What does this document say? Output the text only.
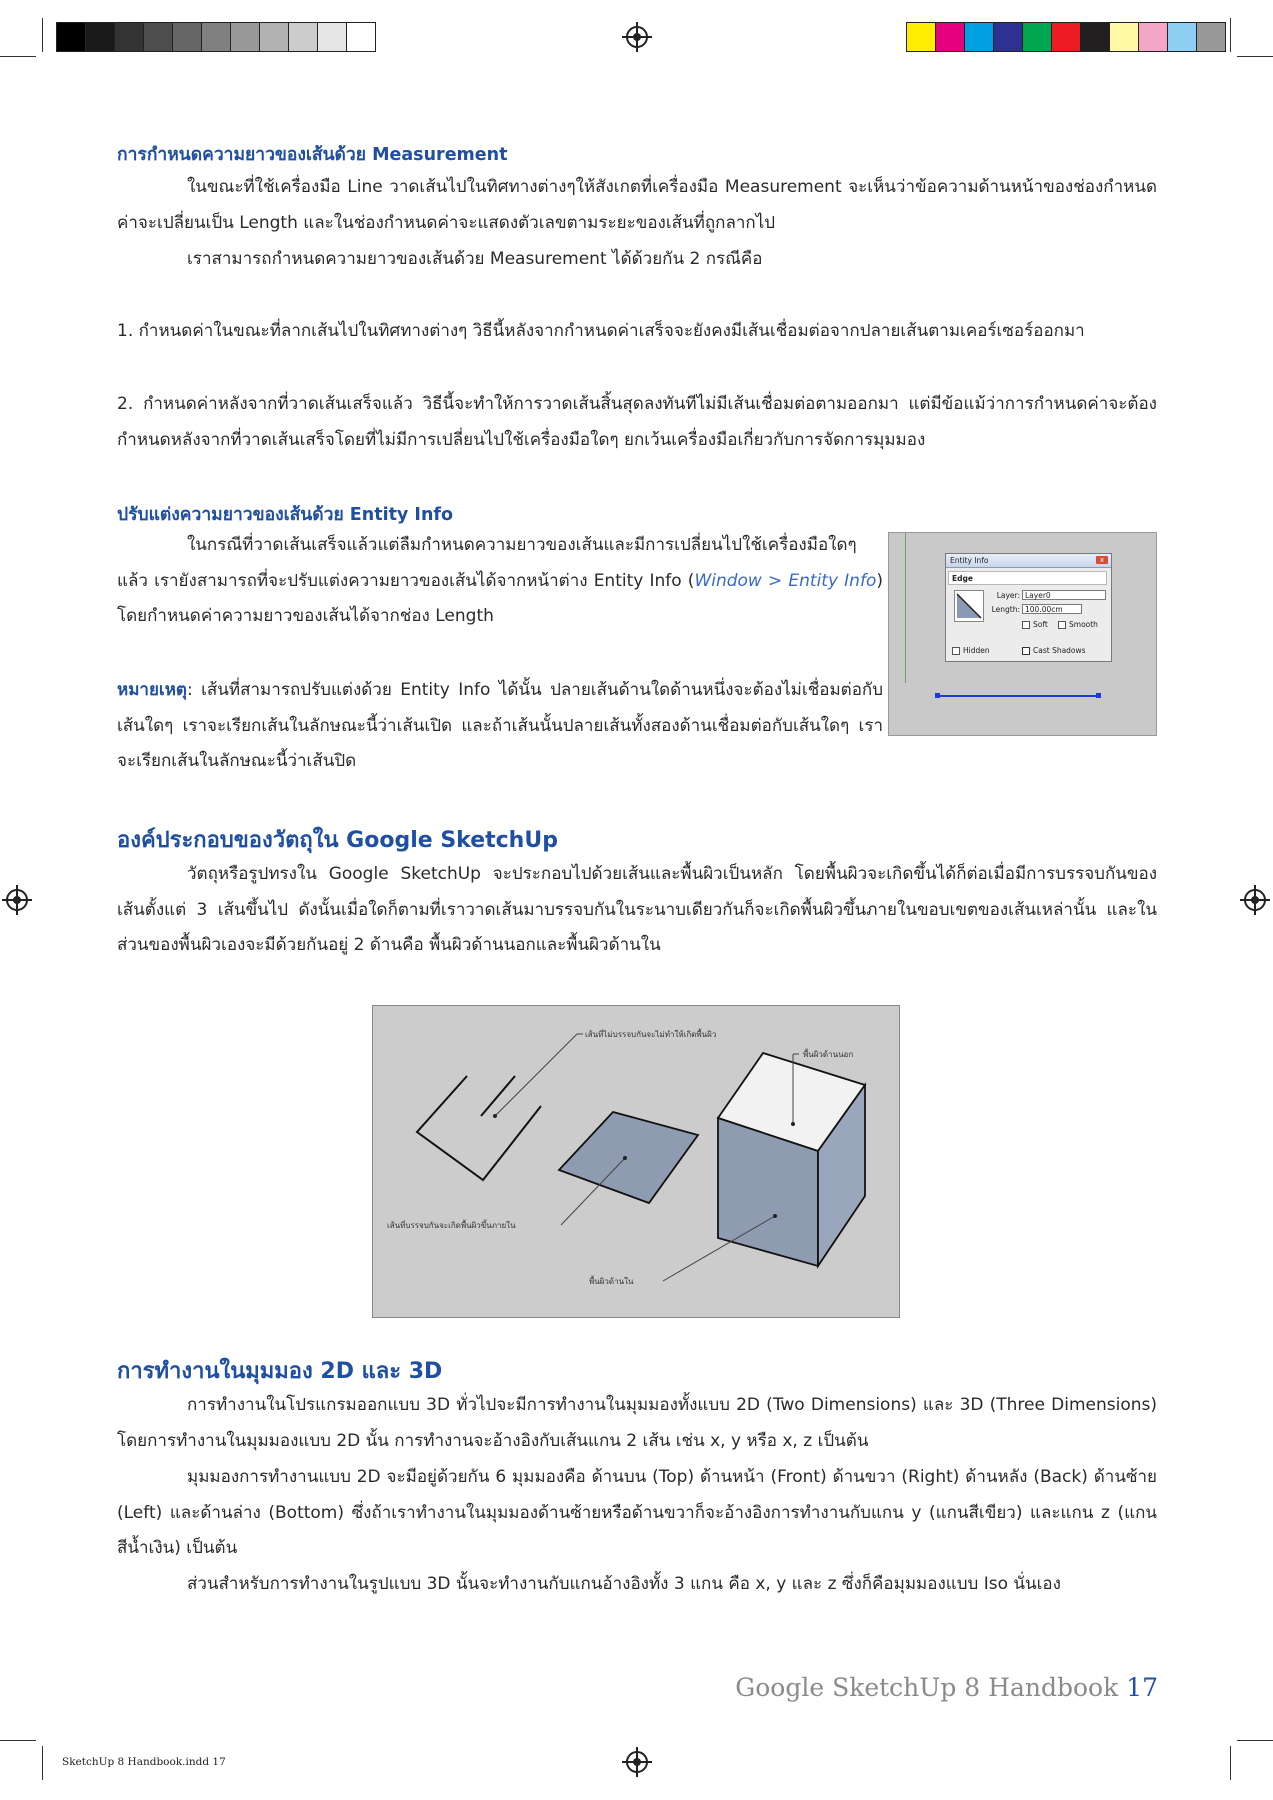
การกำหนดความยาวของเส้นด้วย Measurement
ในขณะที่ใช้เครื่องมือ Line วาดเส้นไปในทิศทางต่างๆให้สังเกตที่เครื่องมือ Measurement จะเห็นว่าข้อความด้านหน้าของช่องกำหนดค่าจะเปลี่ยนเป็น Length และในช่องกำหนดค่าจะแสดงตัวเลขตามระยะของเส้นที่ถูกลากไป
เราสามารถกำหนดความยาวของเส้นด้วย Measurement ได้ด้วยกัน 2 กรณีคือ
1. กำหนดค่าในขณะที่ลากเส้นไปในทิศทางต่างๆ วิธีนี้หลังจากกำหนดค่าเสร็จจะยังคงมีเส้นเชื่อมต่อจากปลายเส้นตามเคอร์เซอร์ออกมา
2. กำหนดค่าหลังจากที่วาดเส้นเสร็จแล้ว วิธีนี้จะทำให้การวาดเส้นสิ้นสุดลงทันทีไม่มีเส้นเชื่อมต่อตามออกมา แต่มีข้อแม้ว่าการกำหนดค่าจะต้องกำหนดหลังจากที่วาดเส้นเสร็จโดยที่ไม่มีการเปลี่ยนไปใช้เครื่องมือใดๆ ยกเว้นเครื่องมือเกี่ยวกับการจัดการมุมมอง
ปรับแต่งความยาวของเส้นด้วย Entity Info
ในกรณีที่วาดเส้นเสร็จแล้วแต่ลืมกำหนดความยาวของเส้นและมีการเปลี่ยนไปใช้เครื่องมือใดๆแล้ว เรายังสามารถที่จะปรับแต่งความยาวของเส้นได้จากหน้าต่าง Entity Info (Window > Entity Info) โดยกำหนดค่าความยาวของเส้นได้จากช่อง Length
หมายเหตุ: เส้นที่สามารถปรับแต่งด้วย Entity Info ได้นั้น ปลายเส้นด้านใดด้านหนึ่งจะต้องไม่เชื่อมต่อกับเส้นใดๆ เราจะเรียกเส้นในลักษณะนี้ว่าเส้นเปิด และถ้าเส้นนั้นปลายเส้นทั้งสองด้านเชื่อมต่อกับเส้นใดๆ เราจะเรียกเส้นในลักษณะนี้ว่าเส้นปิด
Entity Info	x
Edge
Layer: Layer0
Length: 100.00cm
Soft	Smooth
Hidden	Cast Shadows
องค์ประกอบของวัตถุใน Google SketchUp
วัตถุหรือรูปทรงใน Google SketchUp จะประกอบไปด้วยเส้นและพื้นผิวเป็นหลัก โดยพื้นผิวจะเกิดขึ้นได้ก็ต่อเมื่อมีการบรรจบกันของเส้นตั้งแต่ 3 เส้นขึ้นไป ดังนั้นเมื่อใดก็ตามที่เราวาดเส้นมาบรรจบกันในระนาบเดียวกันก็จะเกิดพื้นผิวขึ้นภายในขอบเขตของเส้นเหล่านั้น และในส่วนของพื้นผิวเองจะมีด้วยกันอยู่ 2 ด้านคือ พื้นผิวด้านนอกและพื้นผิวด้านใน
เส้นที่ไม่บรรจบกันจะไม่ทำให้เกิดพื้นผิว
พื้นผิวด้านนอก
เส้นที่บรรจบกันจะเกิดพื้นผิวขึ้นภายใน
พื้นผิวด้านใน
การทำงานในมุมมอง 2D และ 3D
การทำงานในโปรแกรมออกแบบ 3D ทั่วไปจะมีการทำงานในมุมมองทั้งแบบ 2D (Two Dimensions) และ 3D (Three Dimensions) โดยการทำงานในมุมมองแบบ 2D นั้น การทำงานจะอ้างอิงกับเส้นแกน 2 เส้น เช่น x, y หรือ x, z เป็นต้น
มุมมองการทำงานแบบ 2D จะมีอยู่ด้วยกัน 6 มุมมองคือ ด้านบน (Top) ด้านหน้า (Front) ด้านขวา (Right) ด้านหลัง (Back) ด้านซ้าย (Left) และด้านล่าง (Bottom) ซึ่งถ้าเราทำงานในมุมมองด้านซ้ายหรือด้านขวาก็จะอ้างอิงการทำงานกับแกน y (แกนสีเขียว) และแกน z (แกนสีน้ำเงิน) เป็นต้น
ส่วนสำหรับการทำงานในรูปแบบ 3D นั้นจะทำงานกับแกนอ้างอิงทั้ง 3 แกน คือ x, y และ z ซึ่งก็คือมุมมองแบบ Iso นั่นเอง
Google SketchUp 8 Handbook 17
SketchUp 8 Handbook.indd 17
